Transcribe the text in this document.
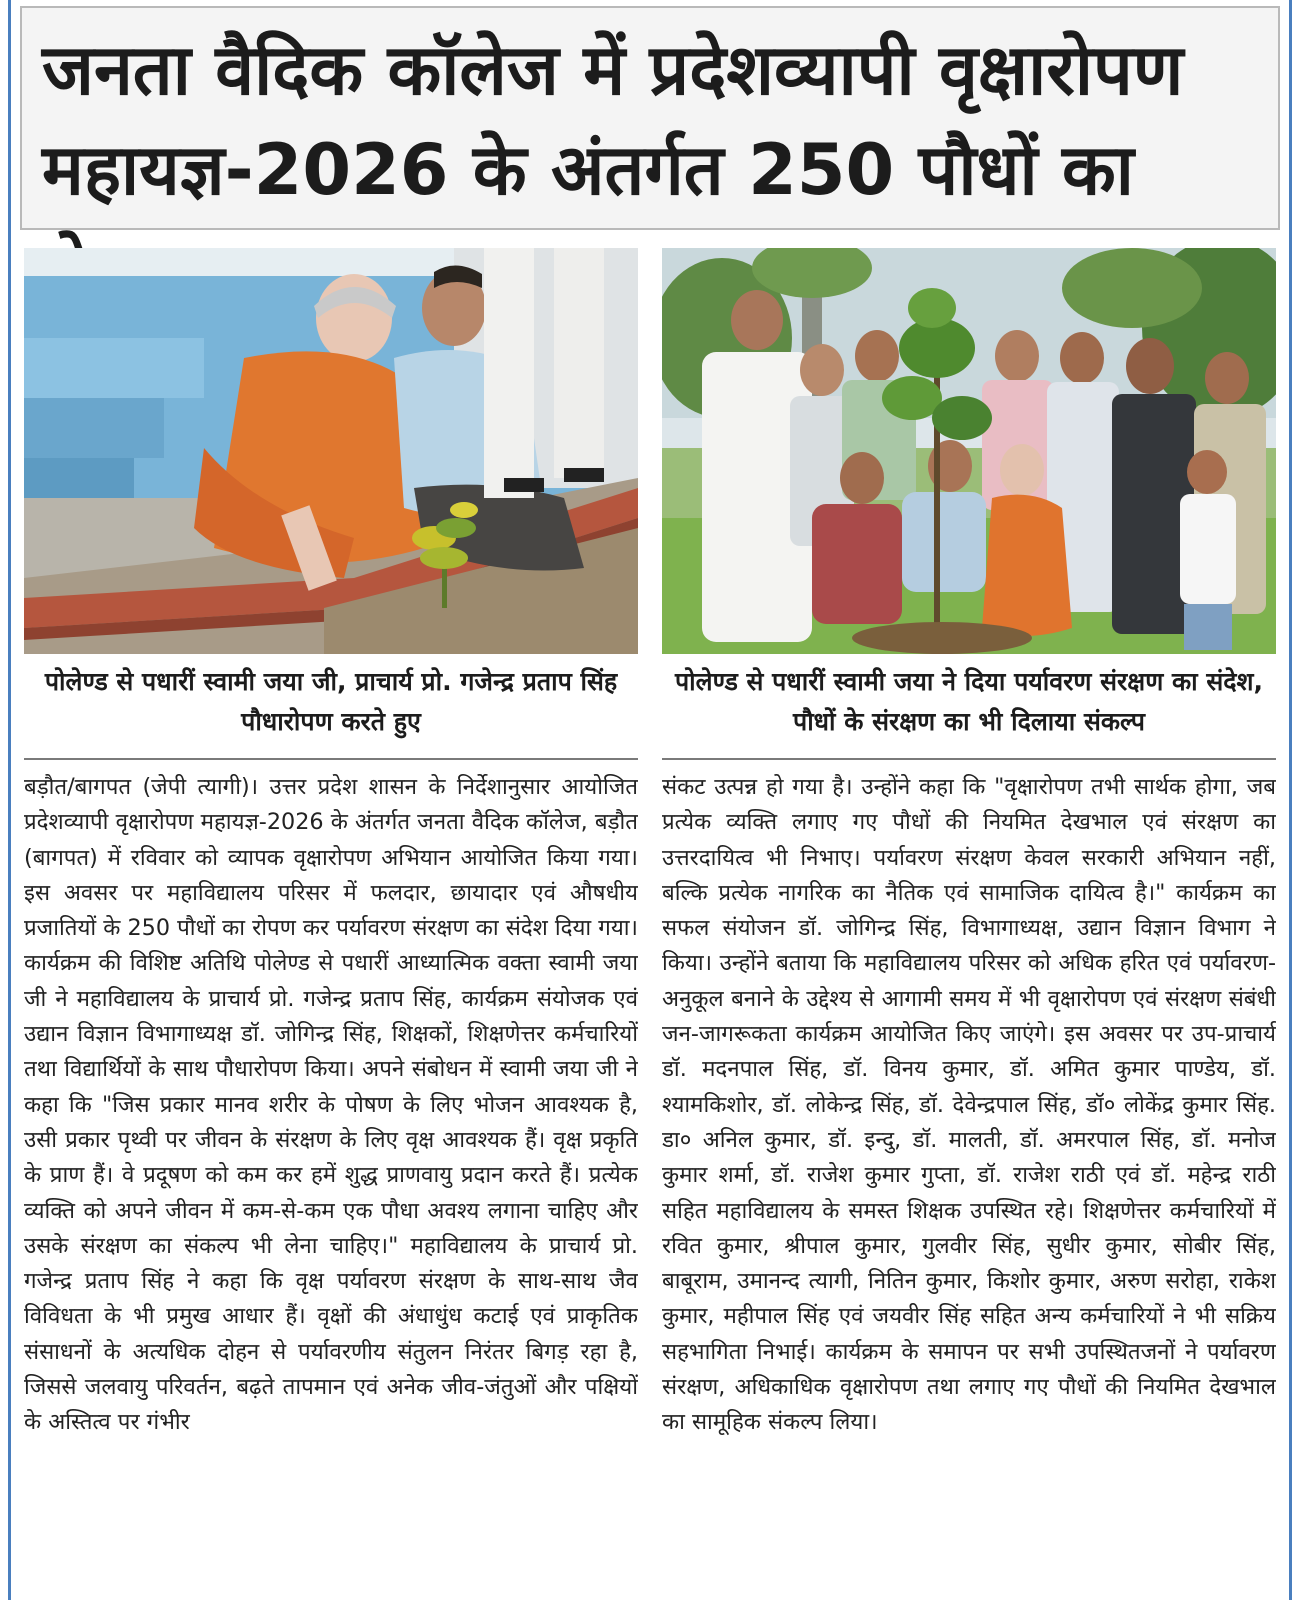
जनता वैदिक कॉलेज में प्रदेशव्यापी वृक्षारोपण
महायज्ञ-2026 के अंतर्गत 250 पौधों का
पोलेण्ड से पधारीं स्वामी जया जी, प्राचार्य प्रो. गजेन्द्र प्रताप सिंह पौधारोपण करते हुए
पोलेण्ड से पधारीं स्वामी जया ने दिया पर्यावरण संरक्षण का संदेश, पौधों के संरक्षण का भी दिलाया संकल्प
बड़ौत/बागपत (जेपी त्यागी)। उत्तर प्रदेश शासन के निर्देशानुसार आयोजित प्रदेशव्यापी वृक्षारोपण महायज्ञ-2026 के अंतर्गत जनता वैदिक कॉलेज, बड़ौत (बागपत) में रविवार को व्यापक वृक्षारोपण अभियान आयोजित किया गया। इस अवसर पर महाविद्यालय परिसर में फलदार, छायादार एवं औषधीय प्रजातियों के 250 पौधों का रोपण कर पर्यावरण संरक्षण का संदेश दिया गया।कार्यक्रम की विशिष्ट अतिथि पोलेण्ड से पधारीं आध्यात्मिक वक्ता स्वामी जया जी ने महाविद्यालय के प्राचार्य प्रो. गजेन्द्र प्रताप सिंह, कार्यक्रम संयोजक एवं उद्यान विज्ञान विभागाध्यक्ष डॉ. जोगिन्द्र सिंह, शिक्षकों, शिक्षणेत्तर कर्मचारियों तथा विद्यार्थियों के साथ पौधारोपण किया। अपने संबोधन में स्वामी जया जी ने कहा कि "जिस प्रकार मानव शरीर के पोषण के लिए भोजन आवश्यक है, उसी प्रकार पृथ्वी पर जीवन के संरक्षण के लिए वृक्ष आवश्यक हैं। वृक्ष प्रकृति के प्राण हैं। वे प्रदूषण को कम कर हमें शुद्ध प्राणवायु प्रदान करते हैं। प्रत्येक व्यक्ति को अपने जीवन में कम-से-कम एक पौधा अवश्य लगाना चाहिए और उसके संरक्षण का संकल्प भी लेना चाहिए।" महाविद्यालय के प्राचार्य प्रो. गजेन्द्र प्रताप सिंह ने कहा कि वृक्ष पर्यावरण संरक्षण के साथ-साथ जैव विविधता के भी प्रमुख आधार हैं। वृक्षों की अंधाधुंध कटाई एवं प्राकृतिक संसाधनों के अत्यधिक दोहन से पर्यावरणीय संतुलन निरंतर बिगड़ रहा है, जिससे जलवायु परिवर्तन, बढ़ते तापमान एवं अनेक जीव-जंतुओं और पक्षियों के अस्तित्व पर गंभीर
संकट उत्पन्न हो गया है। उन्होंने कहा कि "वृक्षारोपण तभी सार्थक होगा, जब प्रत्येक व्यक्ति लगाए गए पौधों की नियमित देखभाल एवं संरक्षण का उत्तरदायित्व भी निभाए। पर्यावरण संरक्षण केवल सरकारी अभियान नहीं, बल्कि प्रत्येक नागरिक का नैतिक एवं सामाजिक दायित्व है।" कार्यक्रम का सफल संयोजन डॉ. जोगिन्द्र सिंह, विभागाध्यक्ष, उद्यान विज्ञान विभाग ने किया। उन्होंने बताया कि महाविद्यालय परिसर को अधिक हरित एवं पर्यावरण-अनुकूल बनाने के उद्देश्य से आगामी समय में भी वृक्षारोपण एवं संरक्षण संबंधी जन-जागरूकता कार्यक्रम आयोजित किए जाएंगे। इस अवसर पर उप-प्राचार्य डॉ. मदनपाल सिंह, डॉ. विनय कुमार, डॉ. अमित कुमार पाण्डेय, डॉ. श्यामकिशोर, डॉ. लोकेन्द्र सिंह, डॉ. देवेन्द्रपाल सिंह, डॉ० लोकेंद्र कुमार सिंह. डा० अनिल कुमार, डॉ. इन्दु, डॉ. मालती, डॉ. अमरपाल सिंह, डॉ. मनोज कुमार शर्मा, डॉ. राजेश कुमार गुप्ता, डॉ. राजेश राठी एवं डॉ. महेन्द्र राठी सहित महाविद्यालय के समस्त शिक्षक उपस्थित रहे। शिक्षणेत्तर कर्मचारियों में रवित कुमार, श्रीपाल कुमार, गुलवीर सिंह, सुधीर कुमार, सोबीर सिंह, बाबूराम, उमानन्द त्यागी, नितिन कुमार, किशोर कुमार, अरुण सरोहा, राकेश कुमार, महीपाल सिंह एवं जयवीर सिंह सहित अन्य कर्मचारियों ने भी सक्रिय सहभागिता निभाई। कार्यक्रम के समापन पर सभी उपस्थितजनों ने पर्यावरण संरक्षण, अधिकाधिक वृक्षारोपण तथा लगाए गए पौधों की नियमित देखभाल का सामूहिक संकल्प लिया।
